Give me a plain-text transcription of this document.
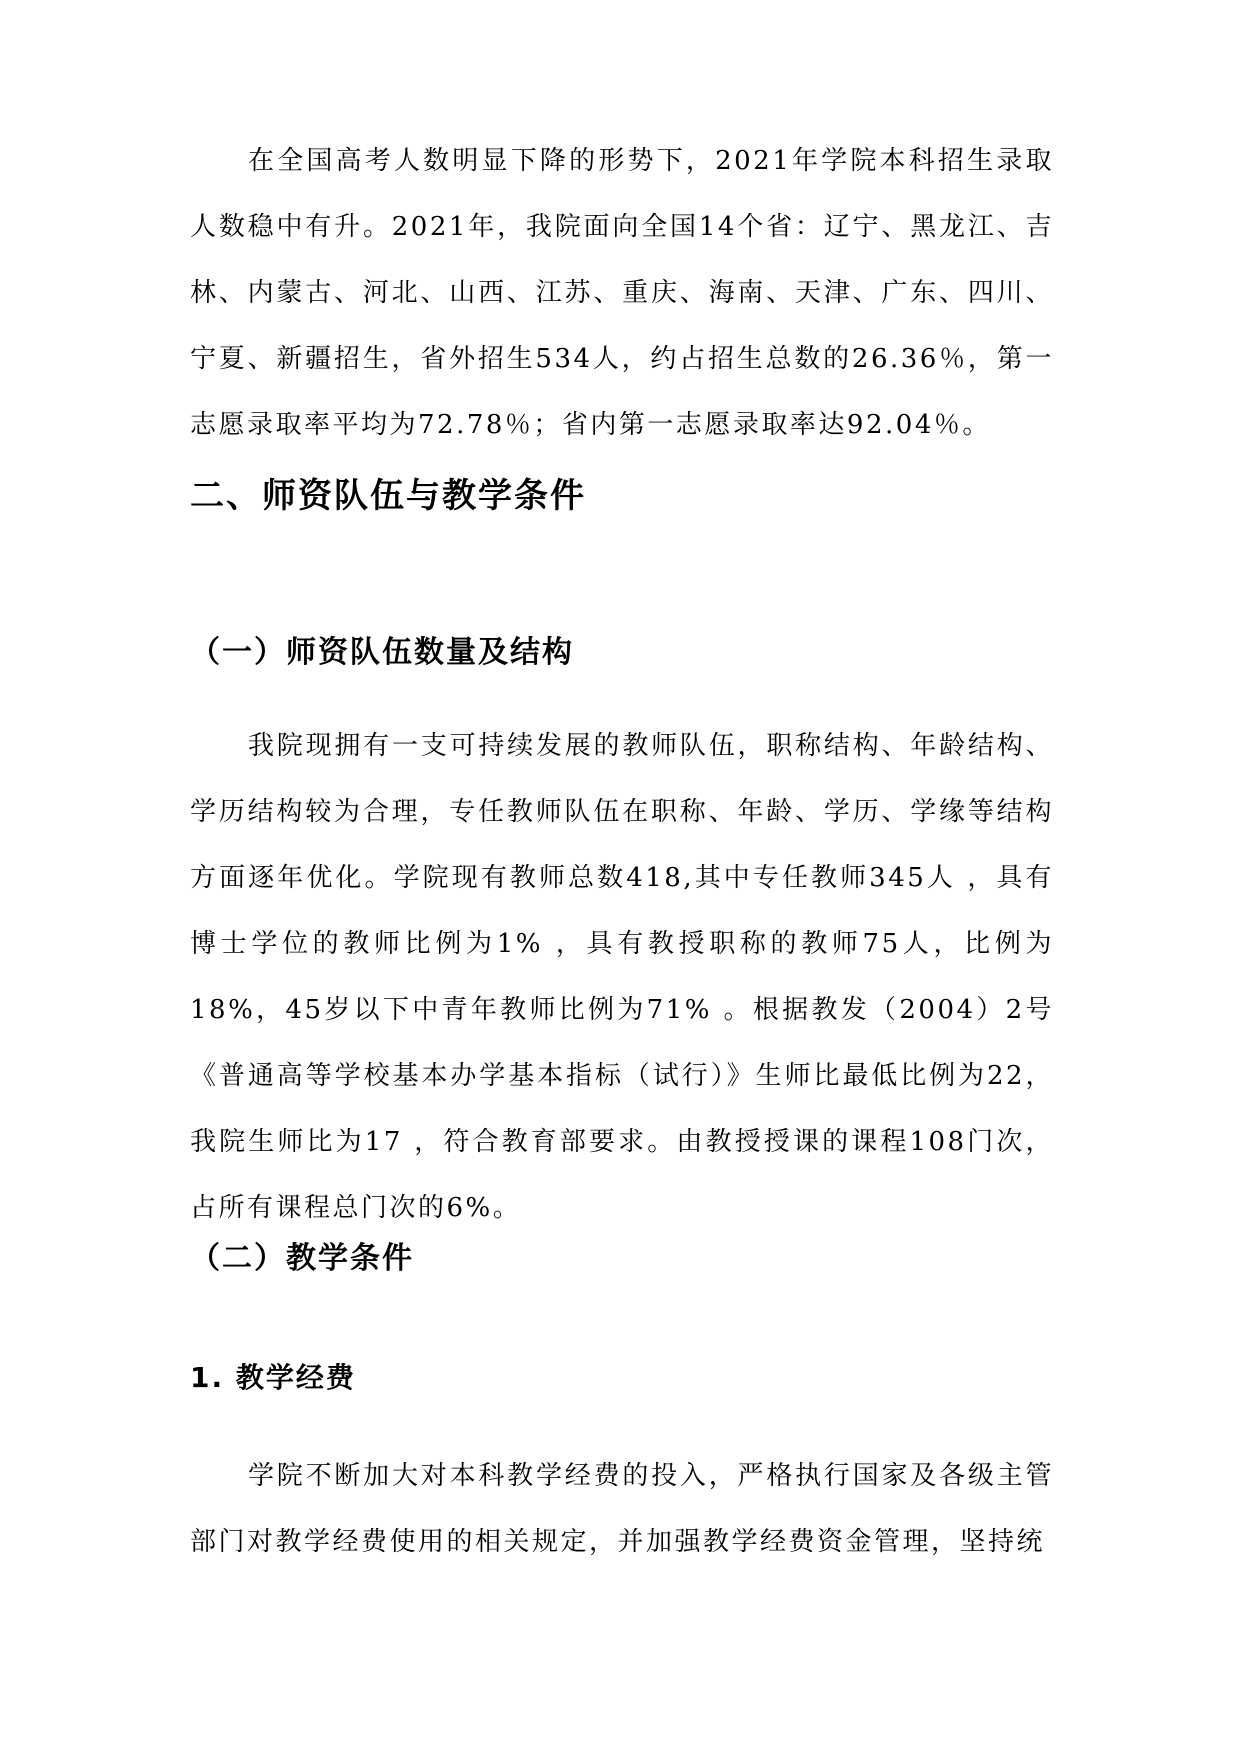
在全国高考人数明显下降的形势下，2021年学院本科招生录取人数稳中有升。2021年，我院面向全国14个省：辽宁、黑龙江、吉林、内蒙古、河北、山西、江苏、重庆、海南、天津、广东、四川、宁夏、新疆招生，省外招生534人，约占招生总数的26.36％，第一志愿录取率平均为72.78％；省内第一志愿录取率达92.04％。

二、师资队伍与教学条件
（一）师资队伍数量及结构

我院现拥有一支可持续发展的教师队伍，职称结构、年龄结构、学历结构较为合理，专任教师队伍在职称、年龄、学历、学缘等结构方面逐年优化。学院现有教师总数418,其中专任教师345人 ，具有博士学位的教师比例为1% ，具有教授职称的教师75人，比例为18%，45岁以下中青年教师比例为71% 。根据教发（2004）2号《普通高等学校基本办学基本指标（试行）》生师比最低比例为22，我院生师比为17 ，符合教育部要求。由教授授课的课程108门次，占所有课程总门次的6%。

（二）教学条件
1. 教学经费

学院不断加大对本科教学经费的投入，严格执行国家及各级主管部门对教学经费使用的相关规定，并加强教学经费资金管理，坚持统
